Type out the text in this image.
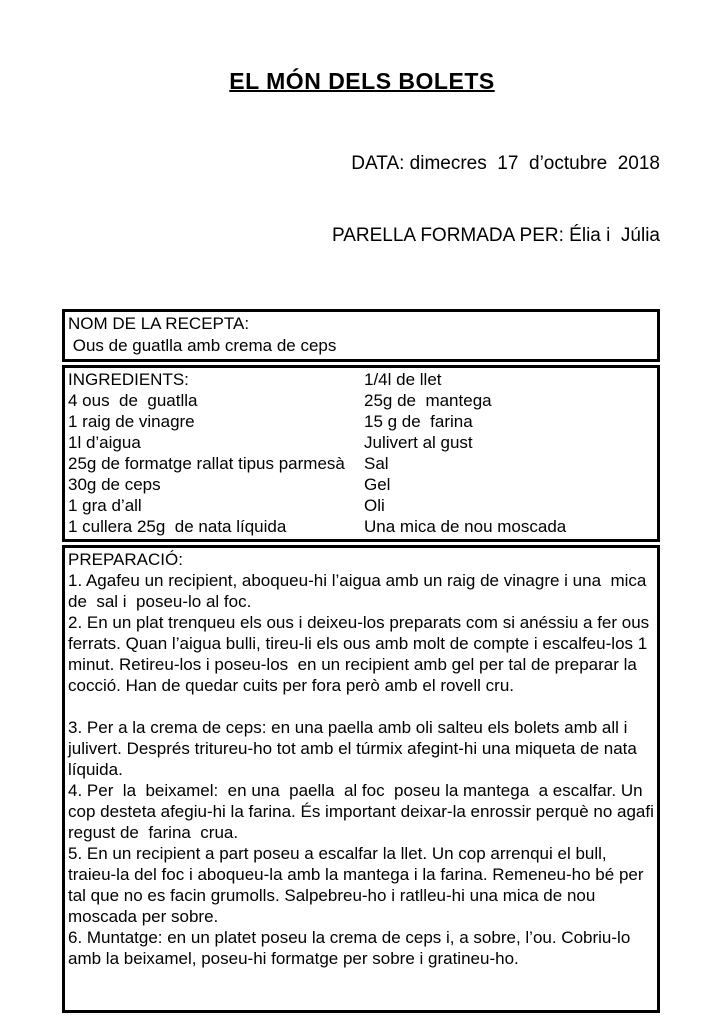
EL MÓN DELS BOLETS

DATA: dimecres  17  d’octubre  2018

PARELLA FORMADA PER: Élia i  Júlia

NOM DE LA RECEPTA:
Ous de guatlla amb crema de ceps
INGREDIENTS:
4 ous  de  guatlla
1 raig de vinagre
1l d’aigua
25g de formatge rallat tipus parmesà
30g de ceps
1 gra d’all
1 cullera 25g  de nata líquida
1/4l de llet
25g de  mantega
15 g de  farina
Julivert al gust
Sal
Gel
Oli
Una mica de nou moscada
PREPARACIÓ:

1. Agafeu un recipient, aboqueu-hi l’aigua amb un raig de vinagre i una  mica  de  sal i  poseu-lo al foc.

2. En un plat trenqueu els ous i deixeu-los preparats com si anéssiu a fer ous ferrats. Quan l’aigua bulli, tireu-li els ous amb molt de compte i escalfeu-los 1 minut. Retireu-los i poseu-los  en un recipient amb gel per tal de preparar la cocció. Han de quedar cuits per fora però amb el rovell cru.

3. Per a la crema de ceps: en una paella amb oli salteu els bolets amb all i julivert. Després tritureu-ho tot amb el túrmix afegint-hi una miqueta de nata líquida.

4. Per  la  beixamel:  en una  paella  al foc  poseu la mantega  a escalfar. Un cop desteta afegiu-hi la farina. És important deixar-la enrossir perquè no agafi  regust de  farina  crua.

5. En un recipient a part poseu a escalfar la llet. Un cop arrenqui el bull, traieu-la del foc i aboqueu-la amb la mantega i la farina. Remeneu-ho bé per tal que no es facin grumolls. Salpebreu-ho i ratlleu-hi una mica de nou moscada per sobre.

6. Muntatge: en un platet poseu la crema de ceps i, a sobre, l’ou. Cobriu-lo amb la beixamel, poseu-hi formatge per sobre i gratineu-ho.
